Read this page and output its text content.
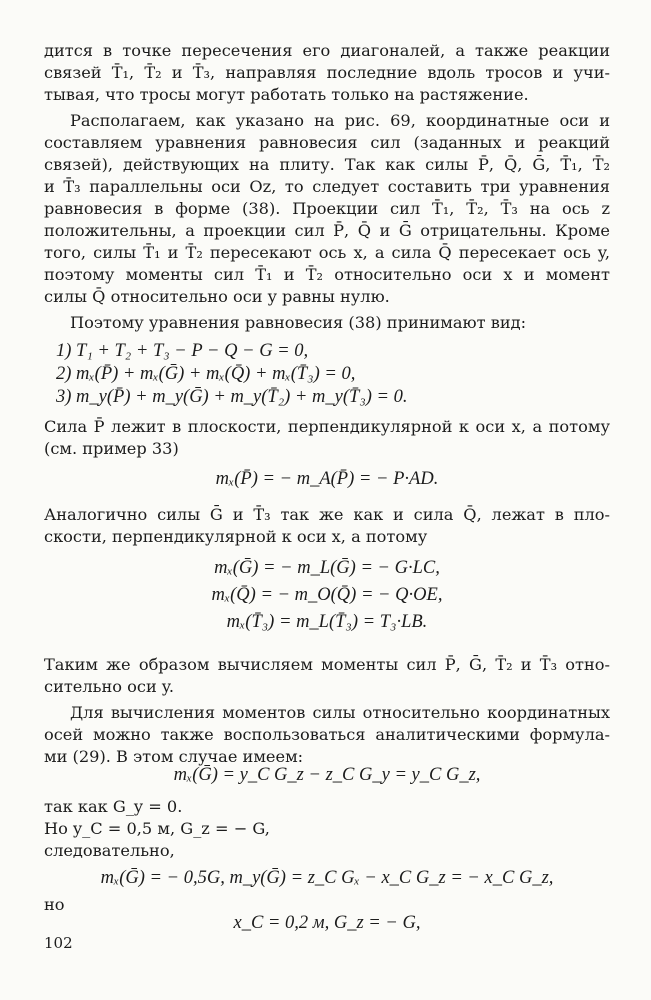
дится в точке пересечения его диагоналей, а также реакции
связей T̄₁, T̄₂ и T̄₃, направляя последние вдоль тросов и учи-
тывая, что тросы могут работать только на растяжение.
Располагаем, как указано на рис. 69, координатные оси и
составляем уравнения равновесия сил (заданных и реакций
связей), действующих на плиту. Так как силы P̄, Q̄, Ḡ, T̄₁, T̄₂
и T̄₃ параллельны оси Oz, то следует составить три уравнения
равновесия в форме (38). Проекции сил T̄₁, T̄₂, T̄₃ на ось z
положительны, а проекции сил P̄, Q̄ и Ḡ отрицательны. Кроме
того, силы T̄₁ и T̄₂ пересекают ось x, а сила Q̄ пересекает ось y,
поэтому моменты сил T̄₁ и T̄₂ относительно оси x и момент
силы Q̄ относительно оси y равны нулю.
Поэтому уравнения равновесия (38) принимают вид:
1) T₁ + T₂ + T₃ − P − Q − G = 0,
2) mₓ(P̄) + mₓ(Ḡ) + mₓ(Q̄) + mₓ(T̄₃) = 0,
3) m_y(P̄) + m_y(Ḡ) + m_y(T̄₂) + m_y(T̄₃) = 0.
Сила P̄ лежит в плоскости, перпендикулярной к оси x, а потому
(см. пример 33)
mₓ(P̄) = − m_A(P̄) = − P·AD.
Аналогично силы Ḡ и T̄₃ так же как и сила Q̄, лежат в пло-
скости, перпендикулярной к оси x, а потому
mₓ(Ḡ) = − m_L(Ḡ) = − G·LC,
mₓ(Q̄) = − m_O(Q̄) = − Q·OE,
mₓ(T̄₃) = m_L(T̄₃) = T₃·LB.
Таким же образом вычисляем моменты сил P̄, Ḡ, T̄₂ и T̄₃ отно-
сительно оси y.
Для вычисления моментов силы относительно координатных
осей можно также воспользоваться аналитическими формула-
ми (29). В этом случае имеем:
mₓ(Ḡ) = y_C G_z − z_C G_y = y_C G_z,
так как G_y = 0.
Но y_C = 0,5 м, G_z = − G,
следовательно,
mₓ(Ḡ) = − 0,5G, m_y(Ḡ) = z_C Gₓ − x_C G_z = − x_C G_z,
но
x_C = 0,2 м, G_z = − G,
102
